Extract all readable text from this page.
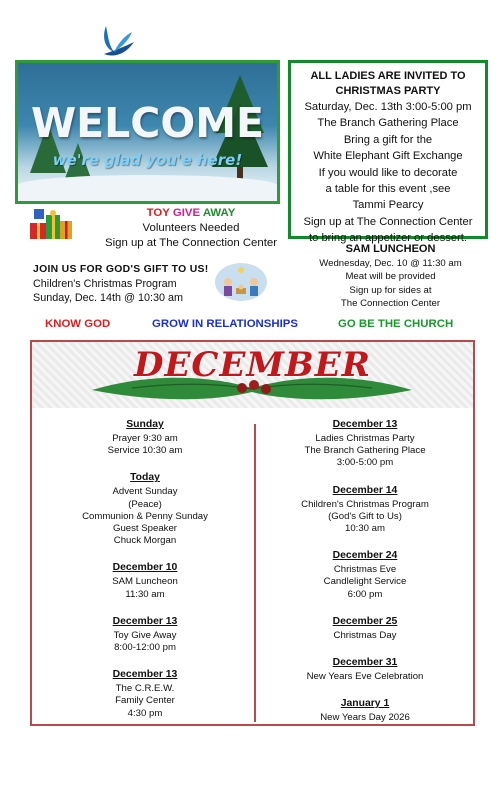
WELCOME
we're glad you'e here!
ALL LADIES ARE INVITED TO
CHRISTMAS PARTY
Saturday, Dec. 13th 3:00-5:00 pm
The Branch Gathering Place
Bring a gift for the
White Elephant Gift Exchange
If you would like to decorate
a table for this event ,see
Tammi Pearcy
Sign up at The Connection Center
to bring an appetizer or dessert.
TOY GIVE AWAY
Volunteers Needed
Sign up at The Connection Center
JOIN US FOR GOD'S GIFT TO US!
Children's Christmas Program
Sunday, Dec. 14th @ 10:30 am
SAM LUNCHEON
Wednesday, Dec. 10 @ 11:30 am
Meat will be provided
Sign up for sides at
The Connection Center
KNOW GOD	GROW IN RELATIONSHIPS	GO BE THE CHURCH
DECEMBER
Sunday
Prayer 9:30 am
Service 10:30 am
Today
Advent Sunday
(Peace)
Communion & Penny Sunday
Guest Speaker
Chuck Morgan
December 10
SAM Luncheon
11:30 am
December 13
Toy Give Away
8:00-12:00 pm
December 13
The C.R.E.W.
Family Center
4:30 pm
December 13
Ladies Christmas Party
The Branch Gathering Place
3:00-5:00 pm
December 14
Children's Christmas Program
(God's Gift to Us)
10:30 am
December 24
Christmas Eve
Candlelight Service
6:00 pm
December 25
Christmas Day
December 31
New Years Eve Celebration
January 1
New Years Day 2026
